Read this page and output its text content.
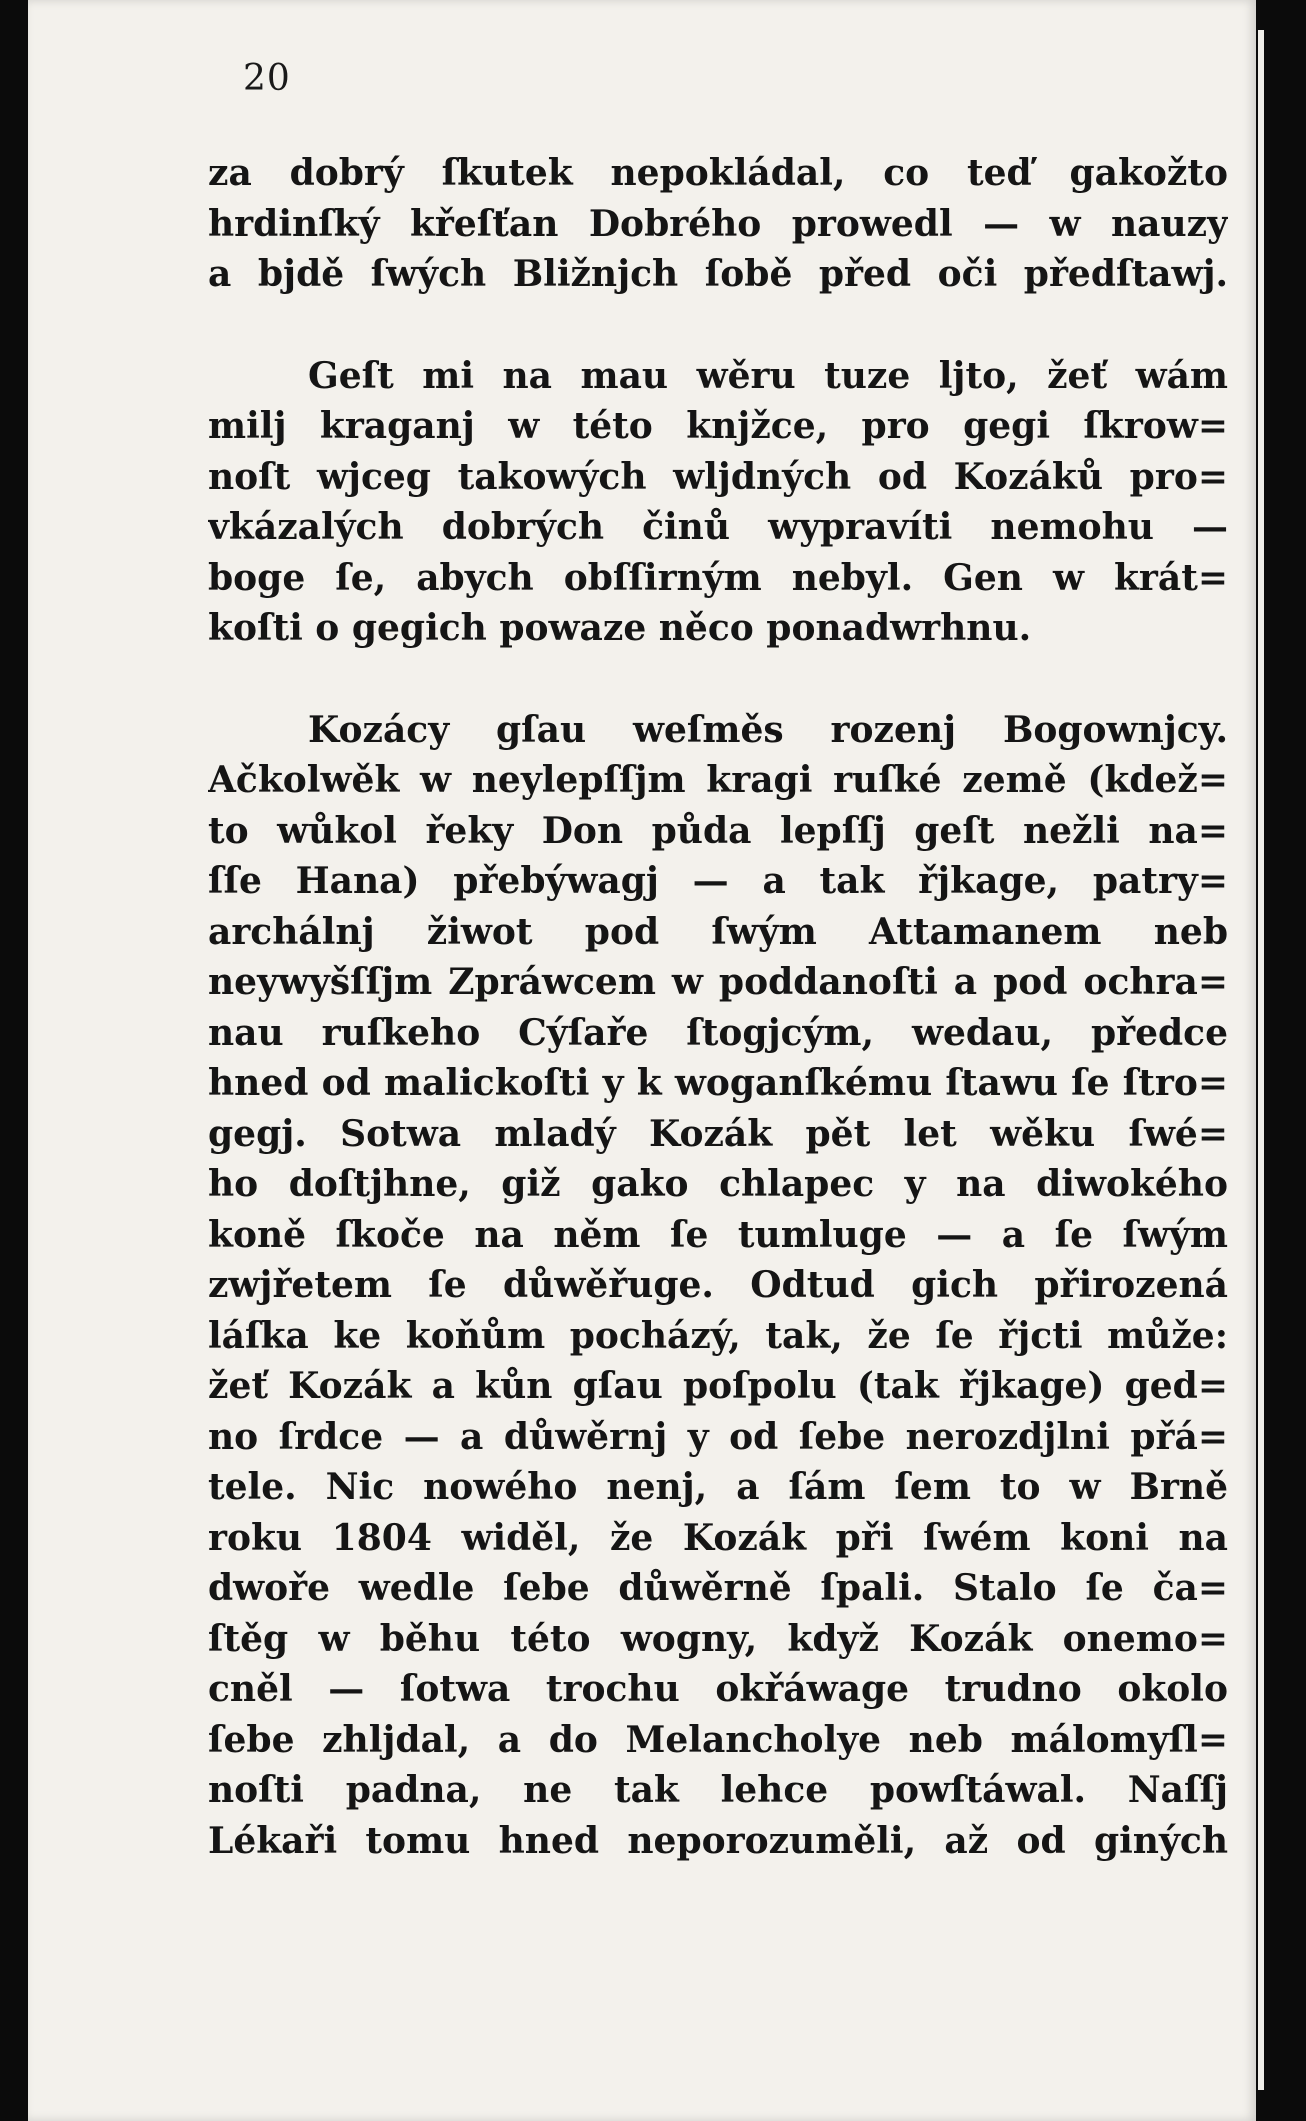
20
za dobrý ſkutek nepokládal, co teď gakožto
hrdinſký křeſťan Dobrého prowedl — w nauzy
a bjdě ſwých Bližnjch ſobě před oči předſtawj.
Geſt mi na mau wěru tuze ljto, žeť wám
milj kraganj w této knjžce, pro gegi ſkrow=
noſt wjceg takowých wljdných od Kozáků pro=
vkázalých dobrých činů wypravíti nemohu —
boge ſe, abych obſſirným nebyl. Gen w krát=
koſti o gegich powaze něco ponadwrhnu.
Kozácy gſau weſměs rozenj Bogownjcy.
Ačkolwěk w neylepſſjm kragi ruſké země (kdež=
to wůkol řeky Don půda lepſſj geſt nežli na=
ſſe Hana) přebýwagj — a tak řjkage, patry=
archálnj žiwot pod ſwým Attamanem neb
neywyšſſjm Zpráwcem w poddanoſti a pod ochra=
nau ruſkeho Cýſaře ſtogjcým, wedau, předce
hned od malickoſti y k woganſkému ſtawu ſe ſtro=
gegj. Sotwa mladý Kozák pět let wěku ſwé=
ho doſtjhne, giž gako chlapec y na diwokého
koně ſkoče na něm ſe tumluge — a ſe ſwým
zwjřetem ſe důwěřuge. Odtud gich přirozená
láſka ke koňům pocházý, tak, že ſe řjcti může:
žeť Kozák a kůn gſau poſpolu (tak řjkage) ged=
no ſrdce — a důwěrnj y od ſebe nerozdjlni přá=
tele. Nic nowého nenj, a ſám ſem to w Brně
roku 1804 widěl, že Kozák při ſwém koni na
dwoře wedle ſebe důwěrně ſpali. Stalo ſe ča=
ſtěg w běhu této wogny, když Kozák onemo=
cněl — ſotwa trochu okřáwage trudno okolo
ſebe zhljdal, a do Melancholye neb málomyſl=
noſti padna, ne tak lehce powſtáwal. Naſſj
Lékaři tomu hned neporozuměli, až od giných
